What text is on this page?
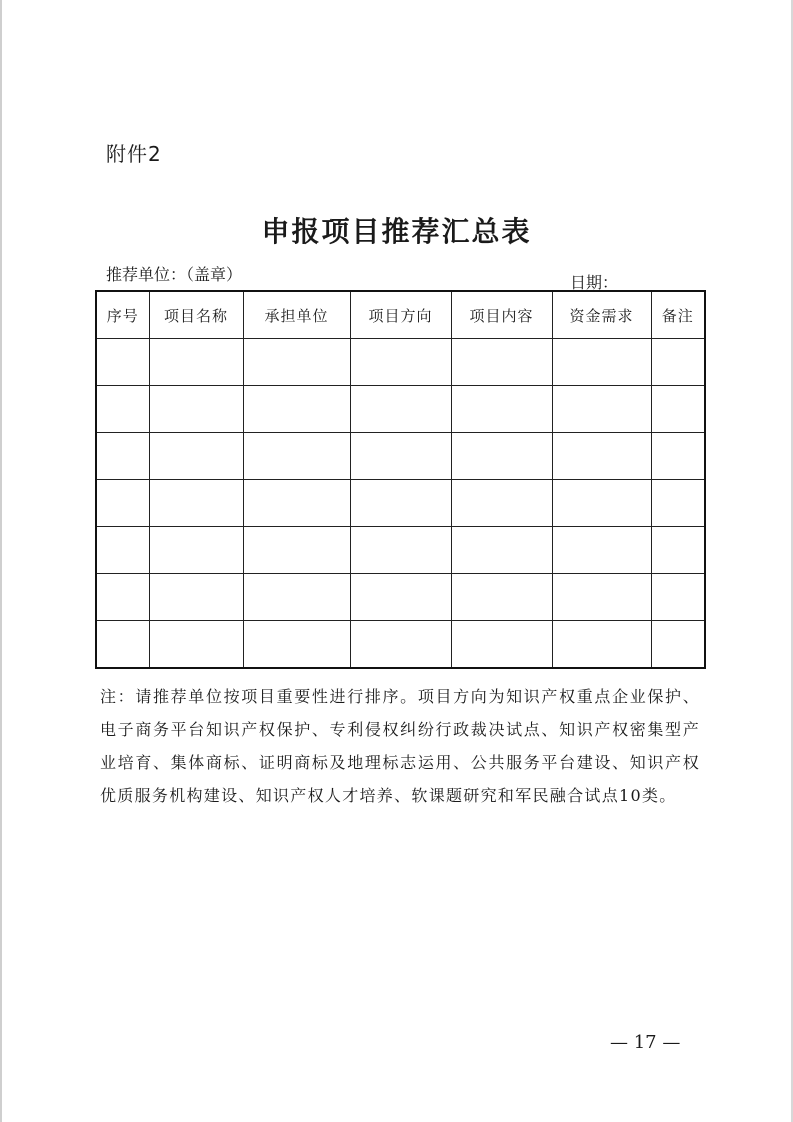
附件2
申报项目推荐汇总表
推荐单位：（盖章）	日期：
序号	项目名称	承担单位	项目方向	项目内容	资金需求	备注

注：请推荐单位按项目重要性进行排序。项目方向为知识产权重点企业保护、电子商务平台知识产权保护、专利侵权纠纷行政裁决试点、知识产权密集型产业培育、集体商标、证明商标及地理标志运用、公共服务平台建设、知识产权优质服务机构建设、知识产权人才培养、软课题研究和军民融合试点10类。
— 17 —
